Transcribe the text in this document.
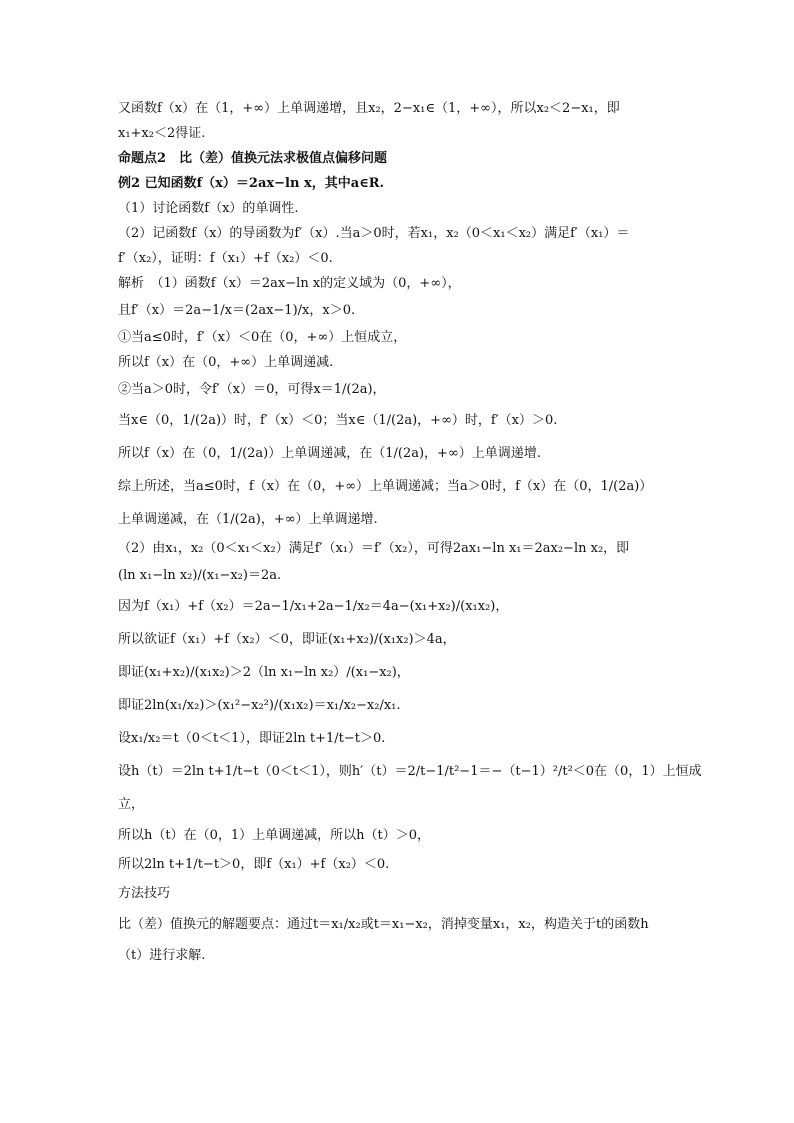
又函数f（x）在（1，+∞）上单调递增，且x₂，2−x₁∈（1，+∞），所以x₂＜2−x₁，即
x₁+x₂＜2得证.
命题点2　比（差）值换元法求极值点偏移问题
例2 已知函数f（x）＝2ax−ln x，其中a∈R.
（1）讨论函数f（x）的单调性.
（2）记函数f（x）的导函数为f′（x）.当a＞0时，若x₁，x₂（0＜x₁＜x₂）满足f′（x₁）＝
f′（x₂），证明：f（x₁）+f（x₂）＜0.
解析　（1）函数f（x）＝2ax−ln x的定义域为（0，+∞），
且f′（x）＝2a−1/x＝(2ax−1)/x，x＞0.
①当a≤0时，f′（x）＜0在（0，+∞）上恒成立，
所以f（x）在（0，+∞）上单调递减.
②当a＞0时，令f′（x）＝0，可得x＝1/(2a)，
当x∈（0，1/(2a)）时，f′（x）＜0；当x∈（1/(2a)，+∞）时，f′（x）＞0.
所以f（x）在（0，1/(2a)）上单调递减，在（1/(2a)，+∞）上单调递增.
综上所述，当a≤0时，f（x）在（0，+∞）上单调递减；当a＞0时，f（x）在（0，1/(2a)）
上单调递减，在（1/(2a)，+∞）上单调递增.
（2）由x₁，x₂（0＜x₁＜x₂）满足f′（x₁）＝f′（x₂），可得2ax₁−ln x₁＝2ax₂−ln x₂，即
(ln x₁−ln x₂)/(x₁−x₂)＝2a.
因为f（x₁）+f（x₂）＝2a−1/x₁+2a−1/x₂＝4a−(x₁+x₂)/(x₁x₂)，
所以欲证f（x₁）+f（x₂）＜0，即证(x₁+x₂)/(x₁x₂)＞4a，
即证(x₁+x₂)/(x₁x₂)＞2（ln x₁−ln x₂）/(x₁−x₂)，
即证2ln(x₁/x₂)＞(x₁²−x₂²)/(x₁x₂)＝x₁/x₂−x₂/x₁.
设x₁/x₂＝t（0＜t＜1），即证2ln t+1/t−t＞0.
设h（t）＝2ln t+1/t−t（0＜t＜1），则h′（t）＝2/t−1/t²−1＝−（t−1）²/t²＜0在（0，1）上恒成
立，
所以h（t）在（0，1）上单调递减，所以h（t）＞0，
所以2ln t+1/t−t＞0，即f（x₁）+f（x₂）＜0.
方法技巧
比（差）值换元的解题要点：通过t＝x₁/x₂或t＝x₁−x₂，消掉变量x₁，x₂，构造关于t的函数h
（t）进行求解.
